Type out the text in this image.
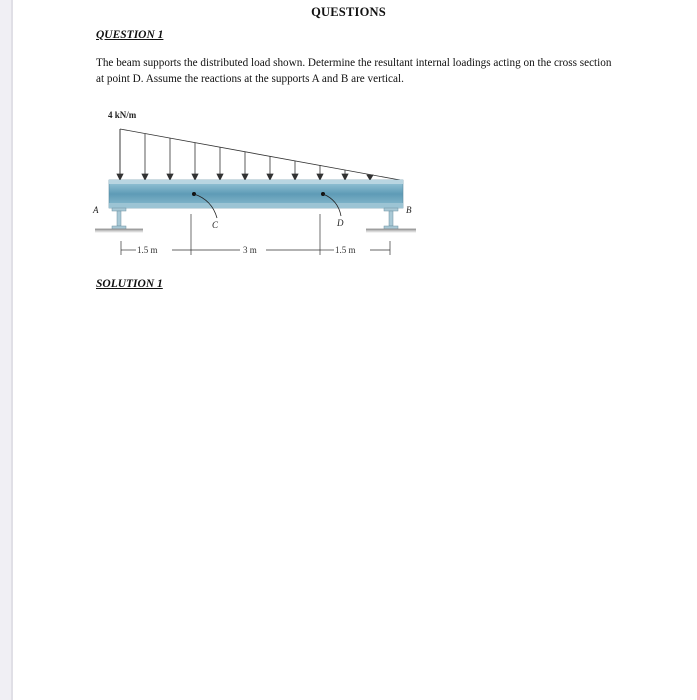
QUESTIONS
QUESTION 1
The beam supports the distributed load shown. Determine the resultant internal loadings acting on the cross section at point D. Assume the reactions at the supports A and B are vertical.
4 kN/m
C	D
A	B
1.5 m	3 m	1.5 m
SOLUTION 1
